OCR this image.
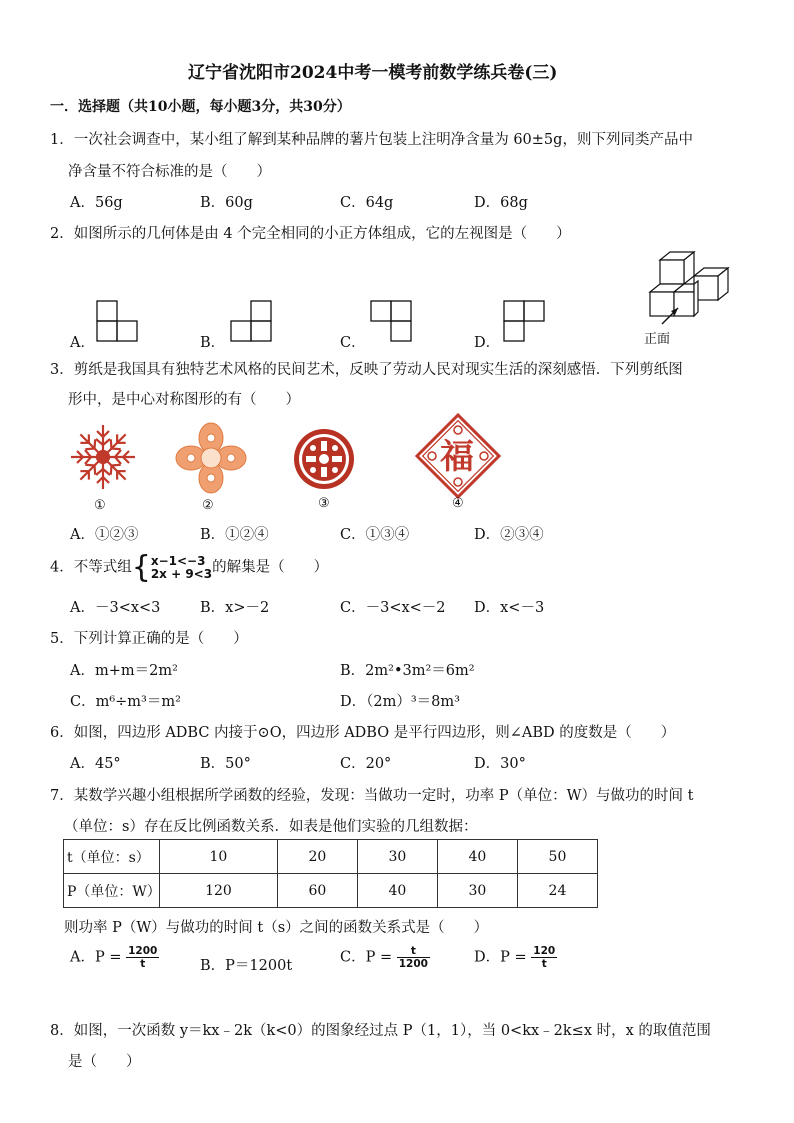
辽宁省沈阳市2024中考一模考前数学练兵卷(三)
一．选择题（共10小题，每小题3分，共30分）
1．一次社会调查中，某小组了解到某种品牌的薯片包装上注明净含量为 60±5g，则下列同类产品中
净含量不符合标准的是（　　）
A．56g	B．60g	C．64g	D．68g
2．如图所示的几何体是由 4 个完全相同的小正方体组成，它的左视图是（　　）
A．	B．	C．	D．	正面
3．剪纸是我国具有独特艺术风格的民间艺术，反映了劳动人民对现实生活的深刻感悟．下列剪纸图
形中，是中心对称图形的有（　　）
①	②	③
福
④
A．①②③	B．①②④	C．①③④	D．②③④
4．不等式组{ x−1<−3
2x + 9<3 的解集是（　　）
A．－3<x<3	B．x>－2	C．－3<x<－2 D．x<－3
5．下列计算正确的是（　　）
A．m+m＝2m²	B．2m²•3m²＝6m²
C．m⁶÷m³＝m²	D．（2m）³＝8m³
6．如图，四边形 ADBC 内接于⊙O，四边形 ADBO 是平行四边形，则∠ABD 的度数是（　　）
A．45°	B．50°	C．20°	D．30°
7．某数学兴趣小组根据所学函数的经验，发现：当做功一定时，功率 P（单位：W）与做功的时间 t
（单位：s）存在反比例函数关系．如表是他们实验的几组数据：
t（单位：s）	10	20	30	40	50
P（单位：W）	120	60	40	30	24
则功率 P（W）与做功的时间 t（s）之间的函数关系式是（　　）
A．$P = \frac{1200}{t}$	B．P＝1200t
C．$P = \frac{t}{1200}$	D．$P = \frac{120}{t}$
8．如图，一次函数 y＝kx﹣2k（k<0）的图象经过点 P（1，1），当 0<kx﹣2k≤x 时，x 的取值范围
是（　　）
